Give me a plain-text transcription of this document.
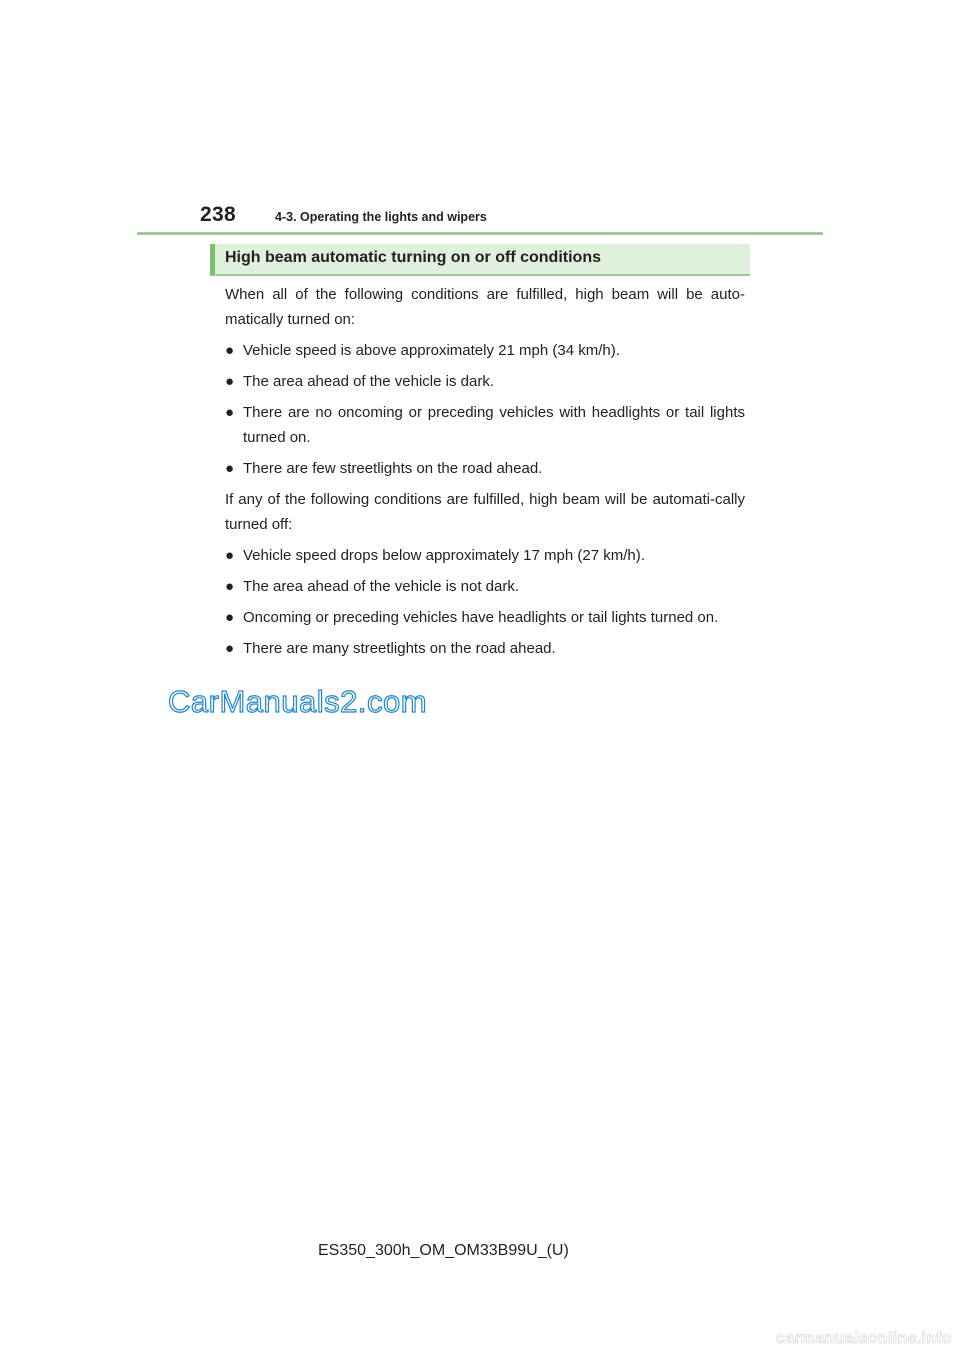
238	4-3. Operating the lights and wipers
High beam automatic turning on or off conditions

When all of the following conditions are fulfilled, high beam will be auto-matically turned on:

● Vehicle speed is above approximately 21 mph (34 km/h).
● The area ahead of the vehicle is dark.
● There are no oncoming or preceding vehicles with headlights or tail lights turned on.
● There are few streetlights on the road ahead.

If any of the following conditions are fulfilled, high beam will be automati-cally turned off:

● Vehicle speed drops below approximately 17 mph (27 km/h).
● The area ahead of the vehicle is not dark.
● Oncoming or preceding vehicles have headlights or tail lights turned on.
● There are many streetlights on the road ahead.
CarManuals2.com
ES350_300h_OM_OM33B99U_(U)
carmanualsonline.info
